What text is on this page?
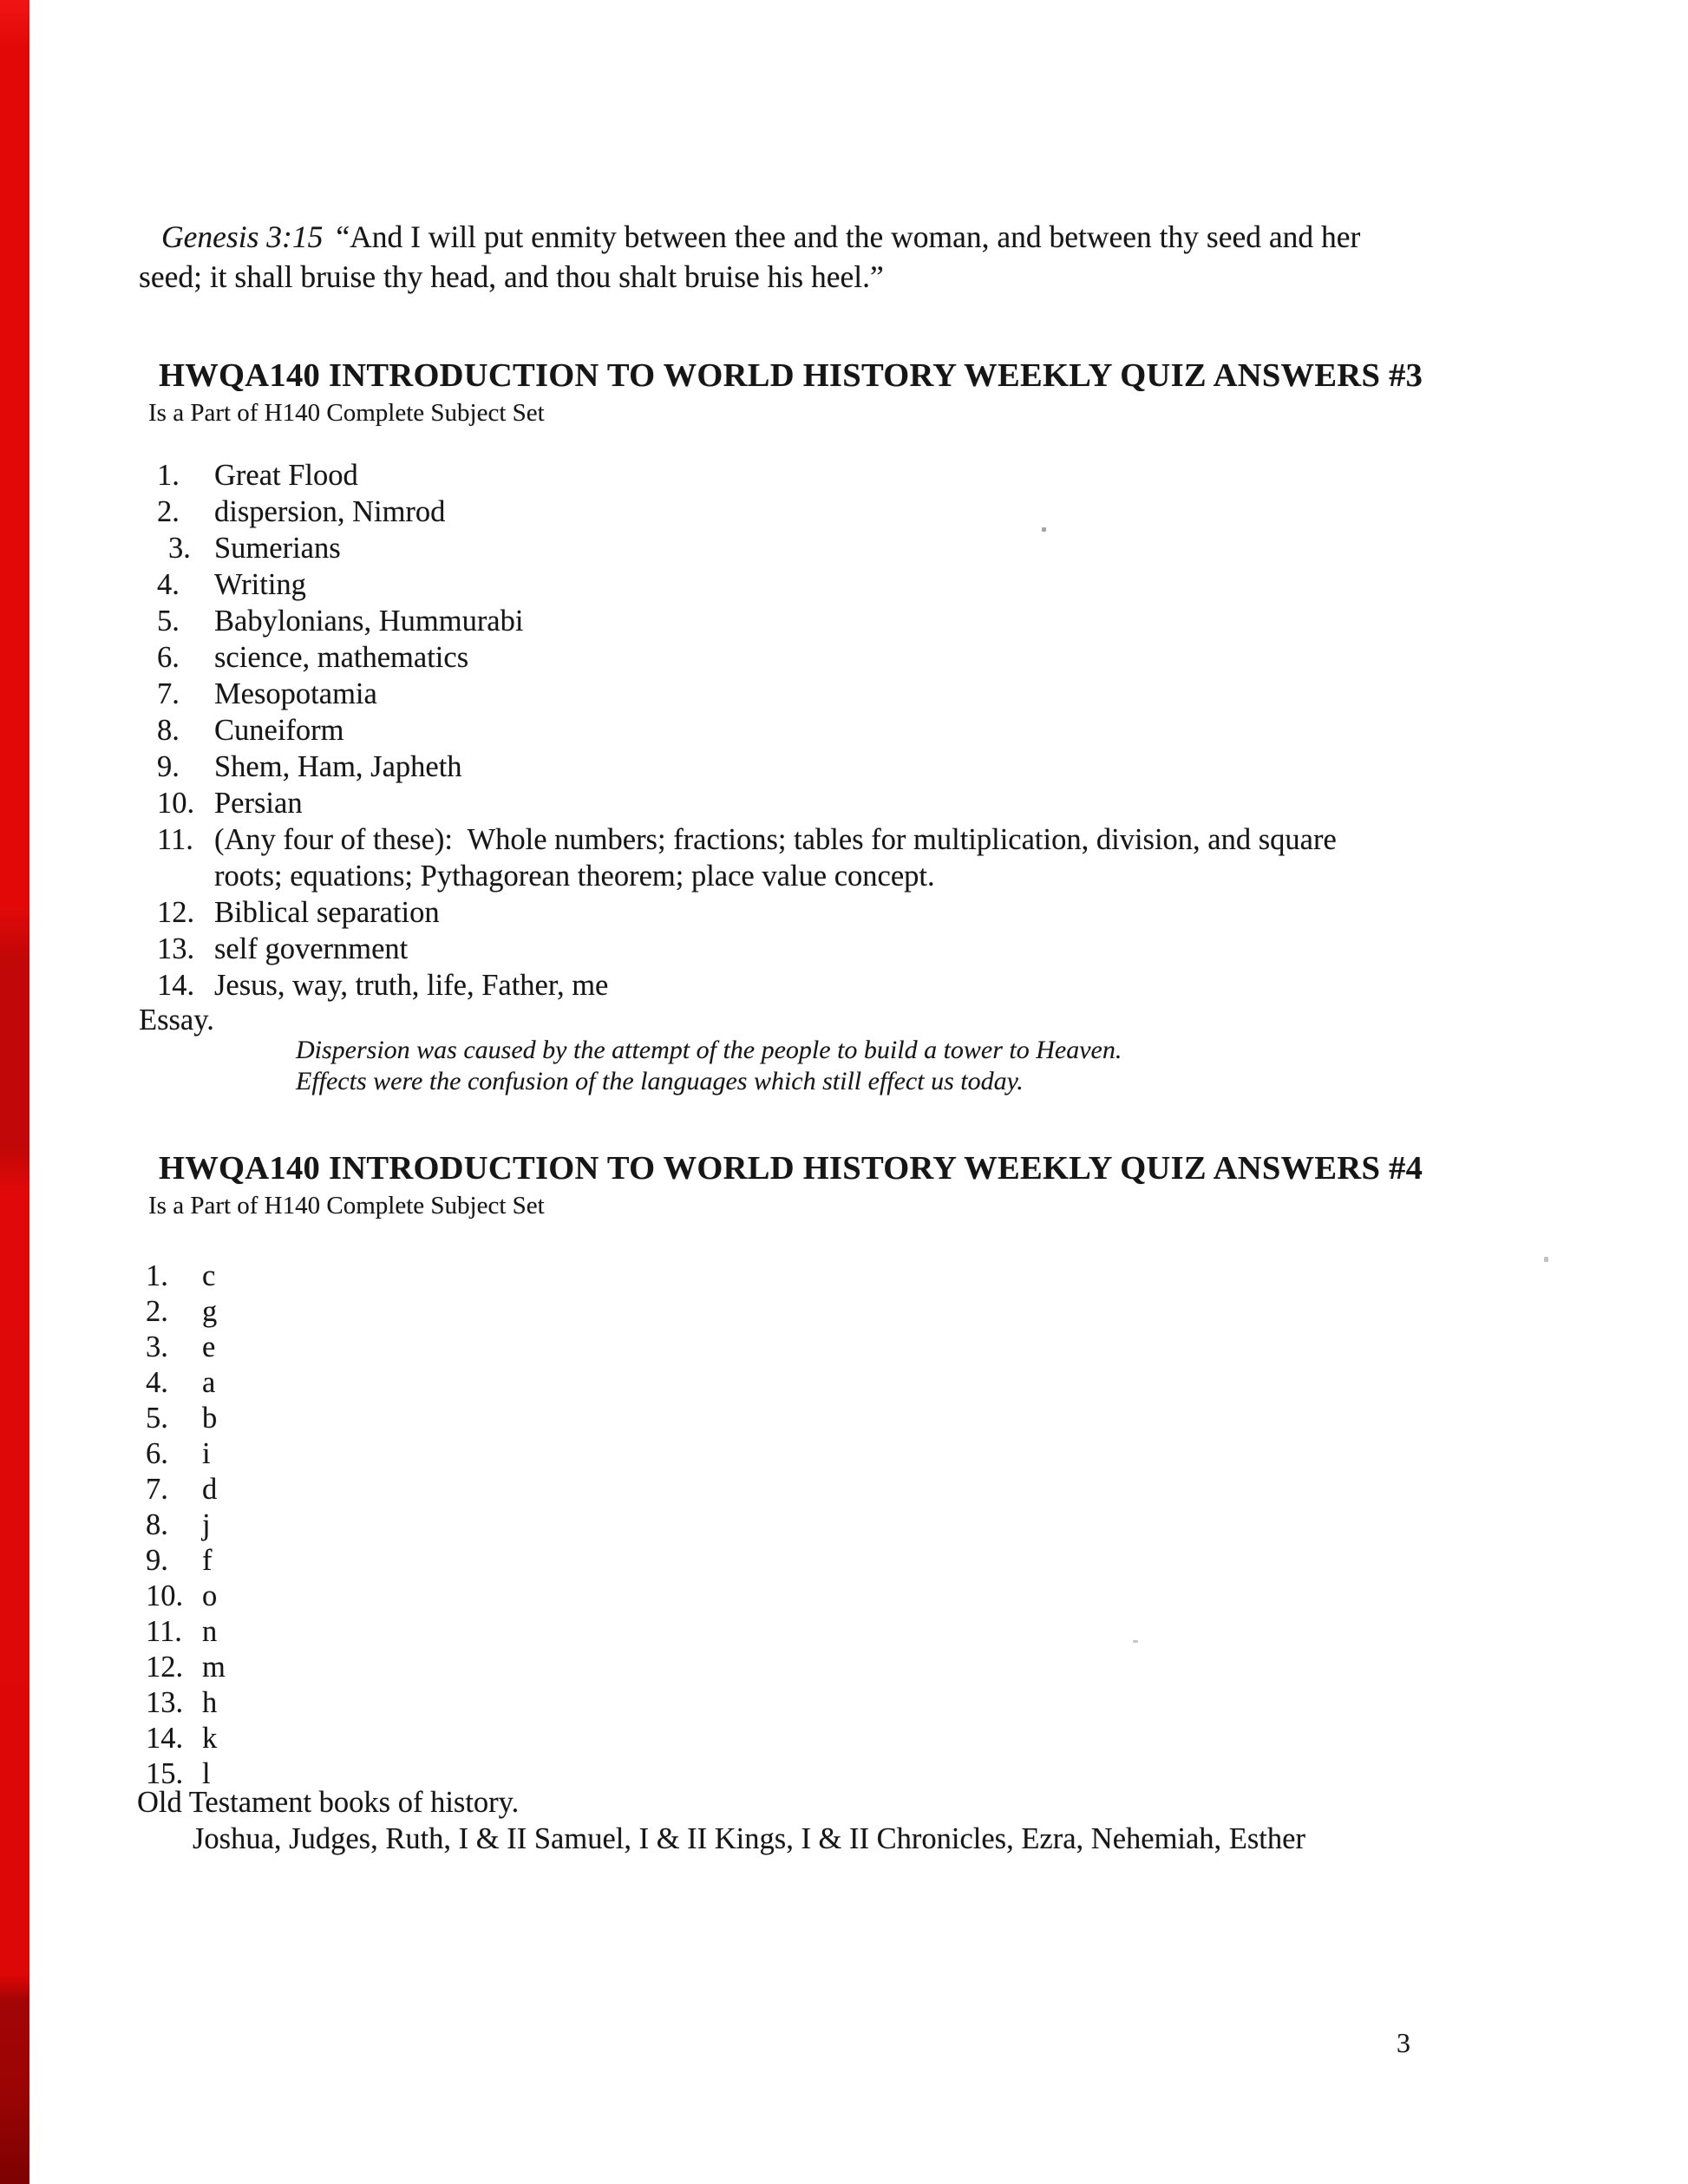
Genesis 3:15 “And I will put enmity between thee and the woman, and between thy seed and her
seed; it shall bruise thy head, and thou shalt bruise his heel.”
HWQA140 INTRODUCTION TO WORLD HISTORY WEEKLY QUIZ ANSWERS #3
Is a Part of H140 Complete Subject Set
1. Great Flood
2. dispersion, Nimrod
3. Sumerians
4. Writing
5. Babylonians, Hummurabi
6. science, mathematics
7. Mesopotamia
8. Cuneiform
9. Shem, Ham, Japheth
10. Persian
11. (Any four of these):  Whole numbers; fractions; tables for multiplication, division, and square
roots; equations; Pythagorean theorem; place value concept.
12. Biblical separation
13. self government
14. Jesus, way, truth, life, Father, me
Essay.
Dispersion was caused by the attempt of the people to build a tower to Heaven.
Effects were the confusion of the languages which still effect us today.
HWQA140 INTRODUCTION TO WORLD HISTORY WEEKLY QUIZ ANSWERS #4
Is a Part of H140 Complete Subject Set
1. c
2. g
3. e
4. a
5. b
6. i
7. d
8. j
9. f
10. o
11. n
12. m
13. h
14. k
15. l
Old Testament books of history.
Joshua, Judges, Ruth, I & II Samuel, I & II Kings, I & II Chronicles, Ezra, Nehemiah, Esther
3
